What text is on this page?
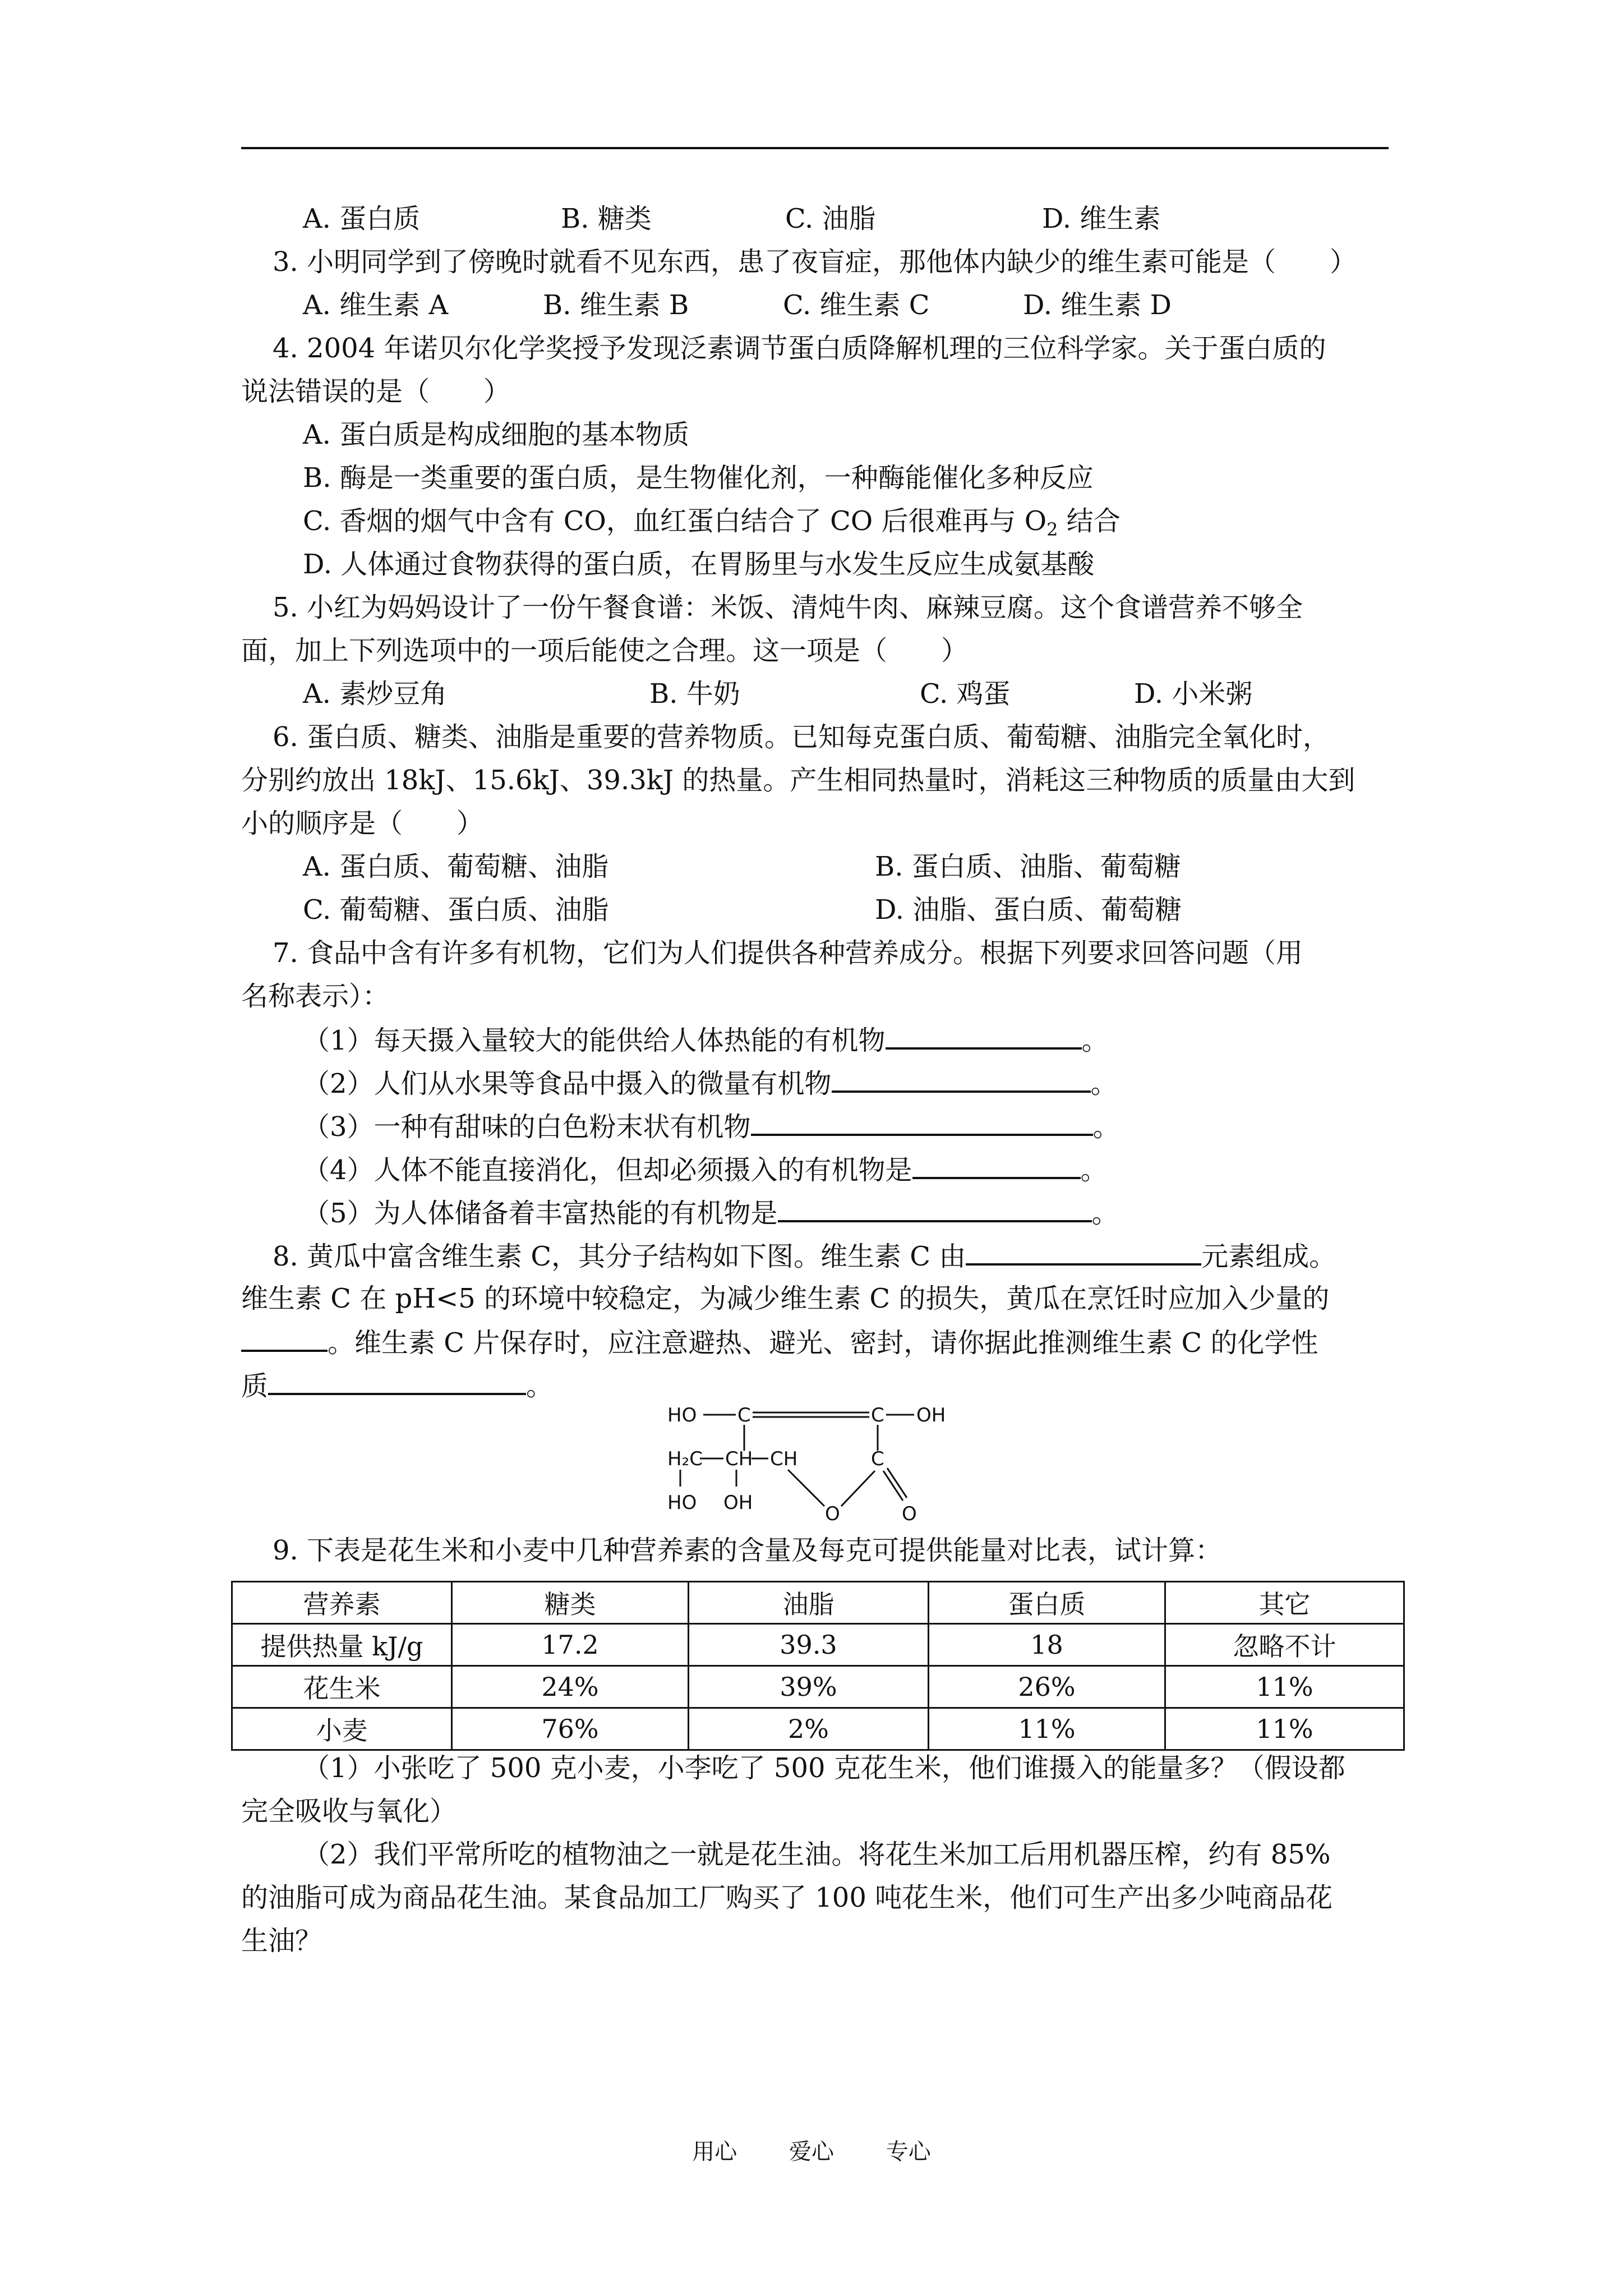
A. 蛋白质	B. 糖类	C. 油脂	D. 维生素
3. 小明同学到了傍晚时就看不见东西，患了夜盲症，那他体内缺少的维生素可能是（　　）
A. 维生素 A	B. 维生素 B	C. 维生素 C	D. 维生素 D
4. 2004 年诺贝尔化学奖授予发现泛素调节蛋白质降解机理的三位科学家。关于蛋白质的
说法错误的是（　　）
A. 蛋白质是构成细胞的基本物质
B. 酶是一类重要的蛋白质，是生物催化剂，一种酶能催化多种反应
C. 香烟的烟气中含有 CO，血红蛋白结合了 CO 后很难再与 $O_2$ 结合
D. 人体通过食物获得的蛋白质，在胃肠里与水发生反应生成氨基酸
5. 小红为妈妈设计了一份午餐食谱：米饭、清炖牛肉、麻辣豆腐。这个食谱营养不够全
面，加上下列选项中的一项后能使之合理。这一项是（　　）
A. 素炒豆角	B. 牛奶	C. 鸡蛋	D. 小米粥
6. 蛋白质、糖类、油脂是重要的营养物质。已知每克蛋白质、葡萄糖、油脂完全氧化时，
分别约放出 18kJ、15.6kJ、39.3kJ 的热量。产生相同热量时，消耗这三种物质的质量由大到
小的顺序是（　　）
A. 蛋白质、葡萄糖、油脂	B. 蛋白质、油脂、葡萄糖
C. 葡萄糖、蛋白质、油脂	D. 油脂、蛋白质、葡萄糖
7. 食品中含有许多有机物，它们为人们提供各种营养成分。根据下列要求回答问题（用
名称表示）：
（1）每天摄入量较大的能供给人体热能的有机物	。
（2）人们从水果等食品中摄入的微量有机物	。
（3）一种有甜味的白色粉末状有机物	。
（4）人体不能直接消化，但却必须摄入的有机物是	。
（5）为人体储备着丰富热能的有机物是	。
8. 黄瓜中富含维生素 C，其分子结构如下图。维生素 C 由	元素组成。
维生素 C 在 pH<5 的环境中较稳定，为减少维生素 C 的损失，黄瓜在烹饪时应加入少量的
。维生素 C 片保存时，应注意避热、避光、密封，请你据此推测维生素 C 的化学性
质	。
HO C	C OH
H₂C CH CH	C
HO OH	O	O
9. 下表是花生米和小麦中几种营养素的含量及每克可提供能量对比表，试计算：
营养素	糖类	油脂	蛋白质	其它
提供热量 kJ/g	17.2	39.3	18	忽略不计
花生米	24%	39%	26%	11%
小麦	76%	2%	11%	11%
（1）小张吃了 500 克小麦，小李吃了 500 克花生米，他们谁摄入的能量多？（假设都
完全吸收与氧化）
（2）我们平常所吃的植物油之一就是花生油。将花生米加工后用机器压榨，约有 85%
的油脂可成为商品花生油。某食品加工厂购买了 100 吨花生米，他们可生产出多少吨商品花
生油？
用心 爱心 专心
